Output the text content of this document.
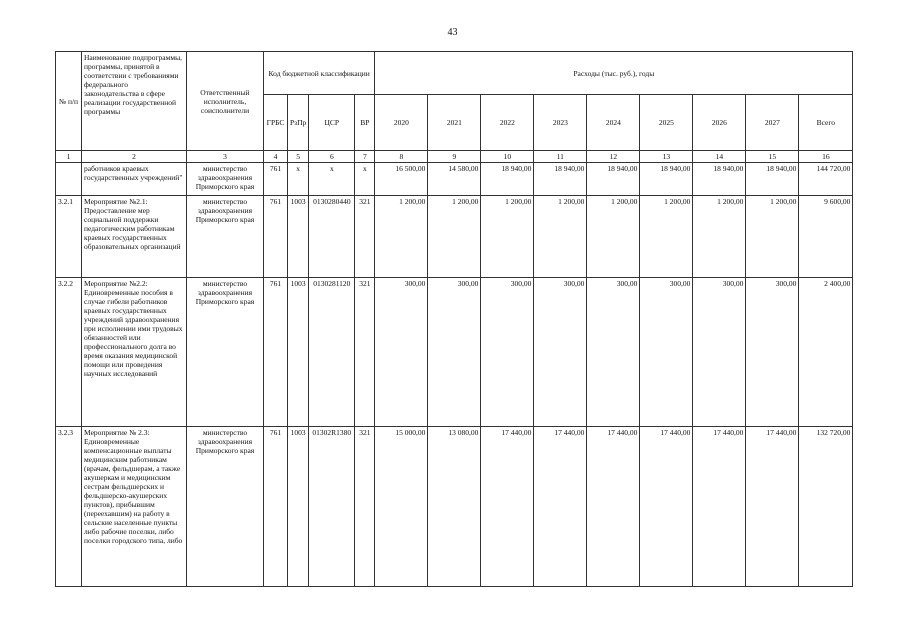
43
№ п/п	Наименование подпрограммы, программы, принятой в соответствии с требованиями федерального законодательства в сфере реализации государственной программы	Ответственный исполнитель, соисполнители	Код бюджетной классификации				Расходы (тыс. руб.), годы								
			ГРБС	РзПр	ЦСР	ВР	2020	2021	2022	2023	2024	2025	2026	2027	Всего
1	2	3	4	5	6	7	8	9	10	11	12	13	14	15	16
	работников краевых государственных учреждений"	министерство здравоохранения Приморского края	761	x	x	x	16 500,00	14 580,00	18 940,00	18 940,00	18 940,00	18 940,00	18 940,00	18 940,00	144 720,00
3.2.1	Мероприятие №2.1: Предоставление мер социальной поддержки педагогическим работникам краевых государственных образовательных организаций	министерство здравоохранения Приморского края	761	1003	0130280440	321	1 200,00	1 200,00	1 200,00	1 200,00	1 200,00	1 200,00	1 200,00	1 200,00	9 600,00
3.2.2	Мероприятие №2.2: Единовременные пособия в случае гибели работников краевых государственных учреждений здравоохранения при исполнении ими трудовых обязанностей или профессионального долга во время оказания медицинской помощи или проведения научных исследований	министерство здравоохранения Приморского края	761	1003	0130281120	321	300,00	300,00	300,00	300,00	300,00	300,00	300,00	300,00	2 400,00
3.2.3	Мероприятие № 2.3: Единовременные компенсационные выплаты медицинским работникам (врачам, фельдшерам, а также акушеркам и медицинским сестрам фельдшерских и фельдшерско-акушерских пунктов), прибывшим (переехавшим) на работу в сельские населенные пункты либо рабочие поселки, либо поселки городского типа, либо	министерство здравоохранения Приморского края	761	1003	01302R1380	321	15 000,00	13 080,00	17 440,00	17 440,00	17 440,00	17 440,00	17 440,00	17 440,00	132 720,00
